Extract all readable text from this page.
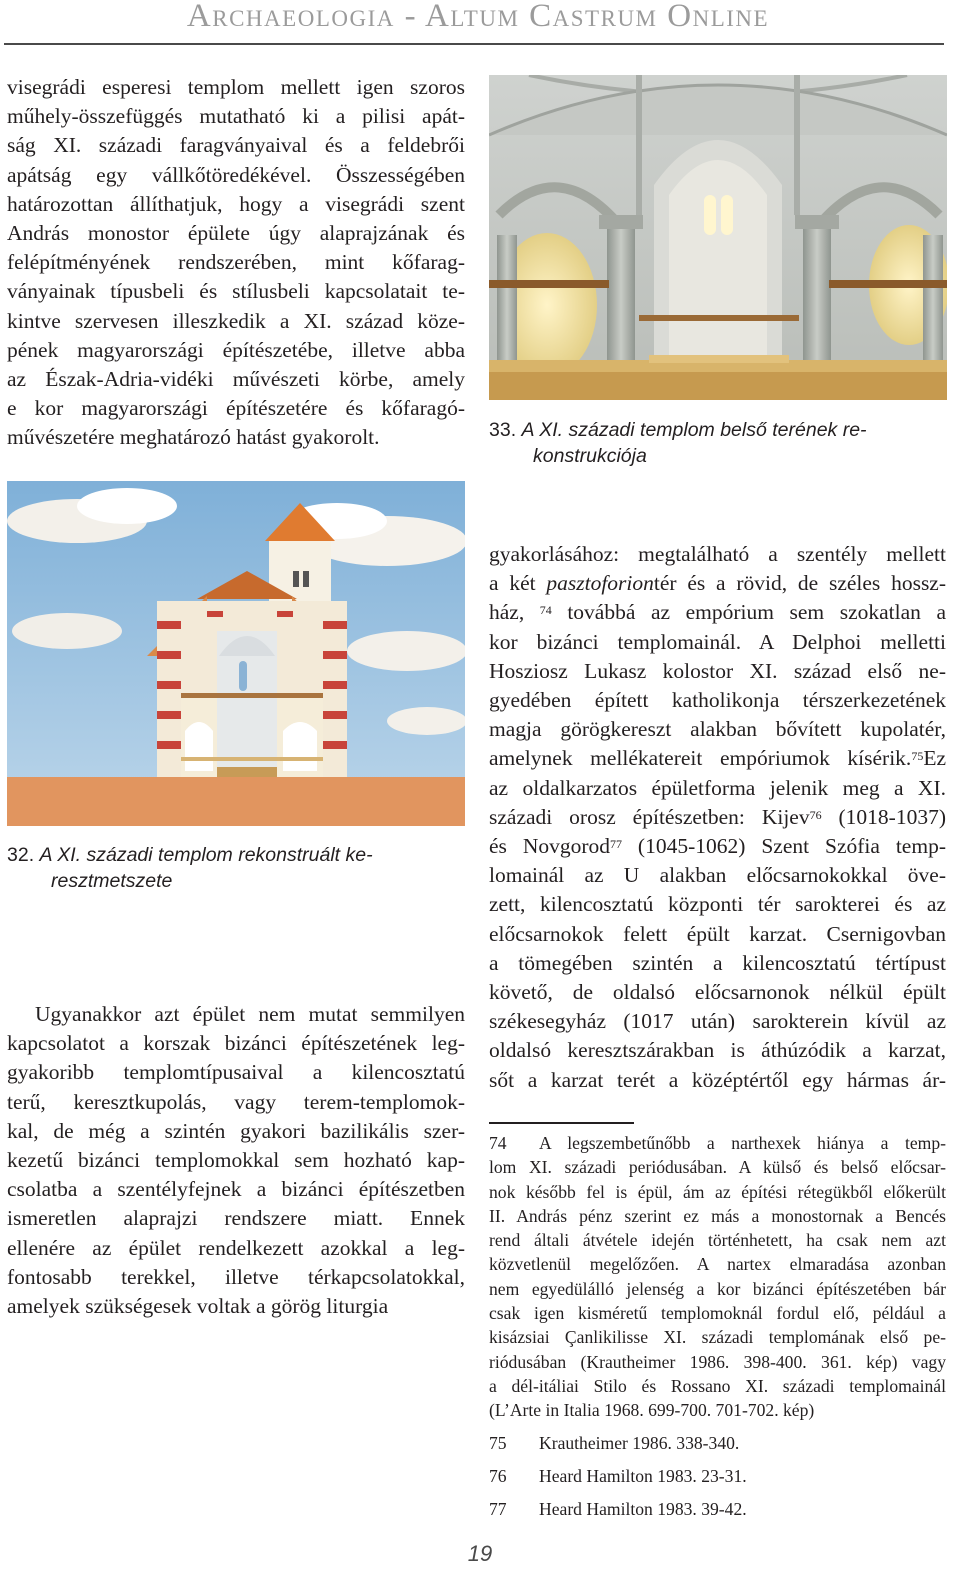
Archaeologia - Altum Castrum Online
visegrádi esperesi templom mellett igen szoros
műhely-összefüggés mutatható ki a pilisi apát-
ság XI. századi faragványaival és a feldebrői
apátság egy vállkőtöredékével. Összességében
határozottan állíthatjuk, hogy a visegrádi szent
András monostor épülete úgy alaprajzának és
felépítményének rendszerében, mint kőfarag-
ványainak típusbeli és stílusbeli kapcsolatait te-
kintve szervesen illeszkedik a XI. század köze-
pének magyarországi építészetébe, illetve abba
az Észak-Adria-vidéki művészeti körbe, amely
e kor magyarországi építészetére és kőfaragó-
művészetére meghatározó hatást gyakorolt.	33. A XI. századi templom belső terének re-
konstrukciója
32. A XI. századi templom rekonstruált ke-
resztmetszete
Ugyanakkor azt épület nem mutat semmilyen
kapcsolatot a korszak bizánci építészetének leg-
gyakoribb templomtípusaival a kilencosztatú
terű, keresztkupolás, vagy terem-templomok-
kal, de még a szintén gyakori bazilikális szer-
kezetű bizánci templomokkal sem hozható kap-
csolatba a szentélyfejnek a bizánci építészetben
ismeretlen alaprajzi rendszere miatt. Ennek
ellenére az épület rendelkezett azokkal a leg-
fontosabb terekkel, illetve térkapcsolatokkal,
amelyek szükségesek voltak a görög liturgia
gyakorlásához: megtalálható a szentély mellett
a két pasztoforiontér és a rövid, de széles hossz-
ház, $^{74}$ továbbá az empórium sem szokatlan a
kor bizánci templomainál. A Delphoi melletti
Hosziosz Lukasz kolostor XI. század első ne-
gyedében épített katholikonja térszerkezetének
magja görögkereszt alakban bővített kupolatér,
amelynek mellékatereit empóriumok kísérik.$^{75}$Ez
az oldalkarzatos épületforma jelenik meg a XI.
századi orosz építészetben: Kijev$^{76}$ (1018-1037)
és Novgorod$^{77}$ (1045-1062) Szent Szófia temp-
lomainál az U alakban előcsarnokokkal öve-
zett, kilencosztatú központi tér sarokterei és az
előcsarnokok felett épült karzat. Csernigovban
a tömegében szintén a kilencosztatú tértípust
követő, de oldalsó előcsarnonok nélkül épült
székesegyház (1017 után) sarokterein kívül az
oldalsó keresztszárakban is áthúzódik a karzat,
sőt a karzat terét a középtértől egy hármas ár-
74 A legszembetűnőbb a narthexek hiánya a temp-
lom XI. századi periódusában. A külső és belső előcsar-
nok később fel is épül, ám az építési rétegükből előkerült
II. András pénz szerint ez más a monostornak a Bencés
rend általi átvétele idején történhetett, ha csak nem azt
közvetlenül megelőzően. A nartex elmaradása azonban
nem egyedülálló jelenség a kor bizánci építészetében bár
csak igen kisméretű templomoknál fordul elő, például a
kisázsiai Çanlikilisse XI. századi templomának első pe-
riódusában (Krautheimer 1986. 398-400. 361. kép) vagy
a dél-itáliai Stilo és Rossano XI. századi templomainál
(L’Arte in Italia 1968. 699-700. 701-702. kép)
75 Krautheimer 1986. 338-340.
76 Heard Hamilton 1983. 23-31.
77 Heard Hamilton 1983. 39-42.
19
